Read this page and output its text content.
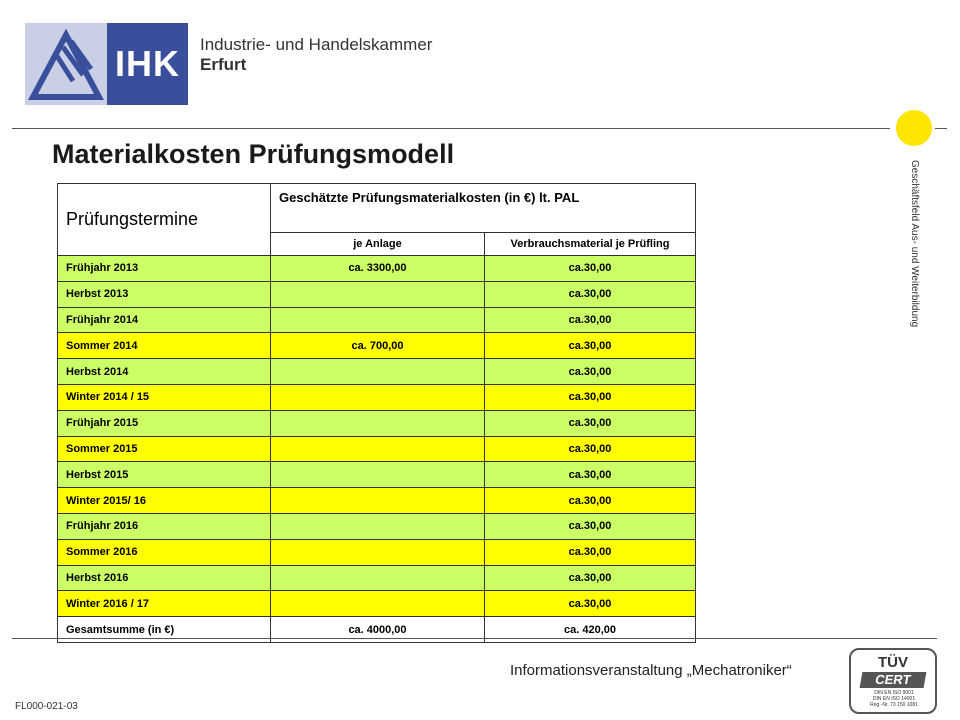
IHK Industrie- und Handelskammer
Erfurt
Geschäftsfeld Aus- und Weiterbildung
Materialkosten Prüfungsmodell
Prüfungstermine	Geschätzte Prüfungsmaterialkosten (in €) lt. PAL	
	je Anlage	Verbrauchsmaterial je Prüfling
Frühjahr 2013	ca. 3300,00	ca.30,00
Herbst 2013		ca.30,00
Frühjahr 2014		ca.30,00
Sommer 2014	ca. 700,00	ca.30,00
Herbst 2014		ca.30,00
Winter 2014 / 15		ca.30,00
Frühjahr 2015		ca.30,00
Sommer 2015		ca.30,00
Herbst 2015		ca.30,00
Winter 2015/ 16		ca.30,00
Frühjahr 2016		ca.30,00
Sommer 2016		ca.30,00
Herbst 2016		ca.30,00
Winter 2016 / 17		ca.30,00
Gesamtsumme (in €)	ca. 4000,00	ca. 420,00
Informationsveranstaltung „Mechatroniker“
FL000-021-03
TÜV
CERT
DIN EN ISO 9001
DIN EN ISO 14001
Reg.-Nr. 73 150 1081
